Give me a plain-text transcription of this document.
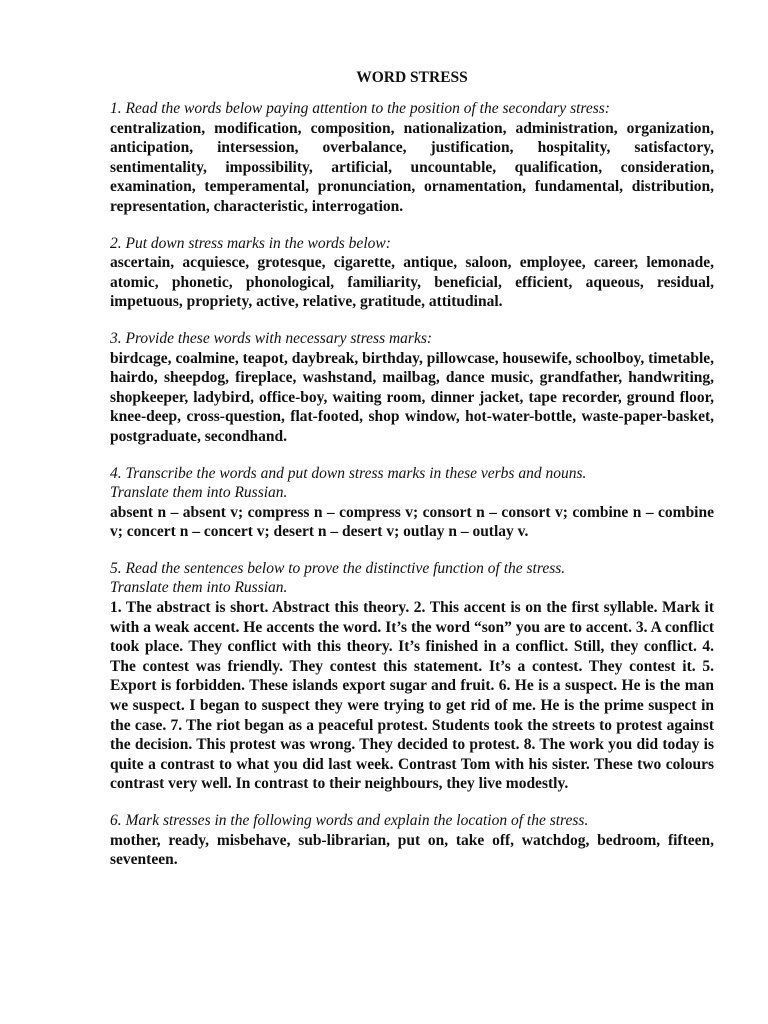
WORD STRESS

1. Read the words below paying attention to the position of the secondary stress:

centralization, modification, composition, nationalization, administration, organization, anticipation, intersession, overbalance, justification, hospitality, satisfactory, sentimentality, impossibility, artificial, uncountable, qualification, consideration, examination, temperamental, pronunciation, ornamentation, fundamental, distribution, representation, characteristic, interrogation.

2. Put down stress marks in the words below:

ascertain, acquiesce, grotesque, cigarette, antique, saloon, employee, career, lemonade, atomic, phonetic, phonological, familiarity, beneficial, efficient, aqueous, residual, impetuous, propriety, active, relative, gratitude, attitudinal.

3. Provide these words with necessary stress marks:

birdcage, coalmine, teapot, daybreak, birthday, pillowcase, housewife, schoolboy, timetable, hairdo, sheepdog, fireplace, washstand, mailbag, dance music, grandfather, handwriting, shopkeeper, ladybird, office-boy, waiting room, dinner jacket, tape recorder, ground floor, knee-deep, cross-question, flat-footed, shop window, hot-water-bottle, waste-paper-basket, postgraduate, secondhand.

4. Transcribe the words and put down stress marks in these verbs and nouns.

Translate them into Russian.

absent n – absent v; compress n – compress v; consort n – consort v; combine n – combine v; concert n – concert v; desert n – desert v; outlay n – outlay v.

5. Read the sentences below to prove the distinctive function of the stress.

Translate them into Russian.

1. The abstract is short. Abstract this theory. 2. This accent is on the first syllable. Mark it with a weak accent. He accents the word. It’s the word “son” you are to accent. 3. A conflict took place. They conflict with this theory. It’s finished in a conflict. Still, they conflict. 4. The contest was friendly. They contest this statement. It’s a contest. They contest it. 5. Export is forbidden. These islands export sugar and fruit. 6. He is a suspect. He is the man we suspect. I began to suspect they were trying to get rid of me. He is the prime suspect in the case. 7. The riot began as a peaceful protest. Students took the streets to protest against the decision. This protest was wrong. They decided to protest. 8. The work you did today is quite a contrast to what you did last week. Contrast Tom with his sister. These two colours contrast very well. In contrast to their neighbours, they live modestly.

6. Mark stresses in the following words and explain the location of the stress.

mother, ready, misbehave, sub-librarian, put on, take off, watchdog, bedroom, fifteen, seventeen.
